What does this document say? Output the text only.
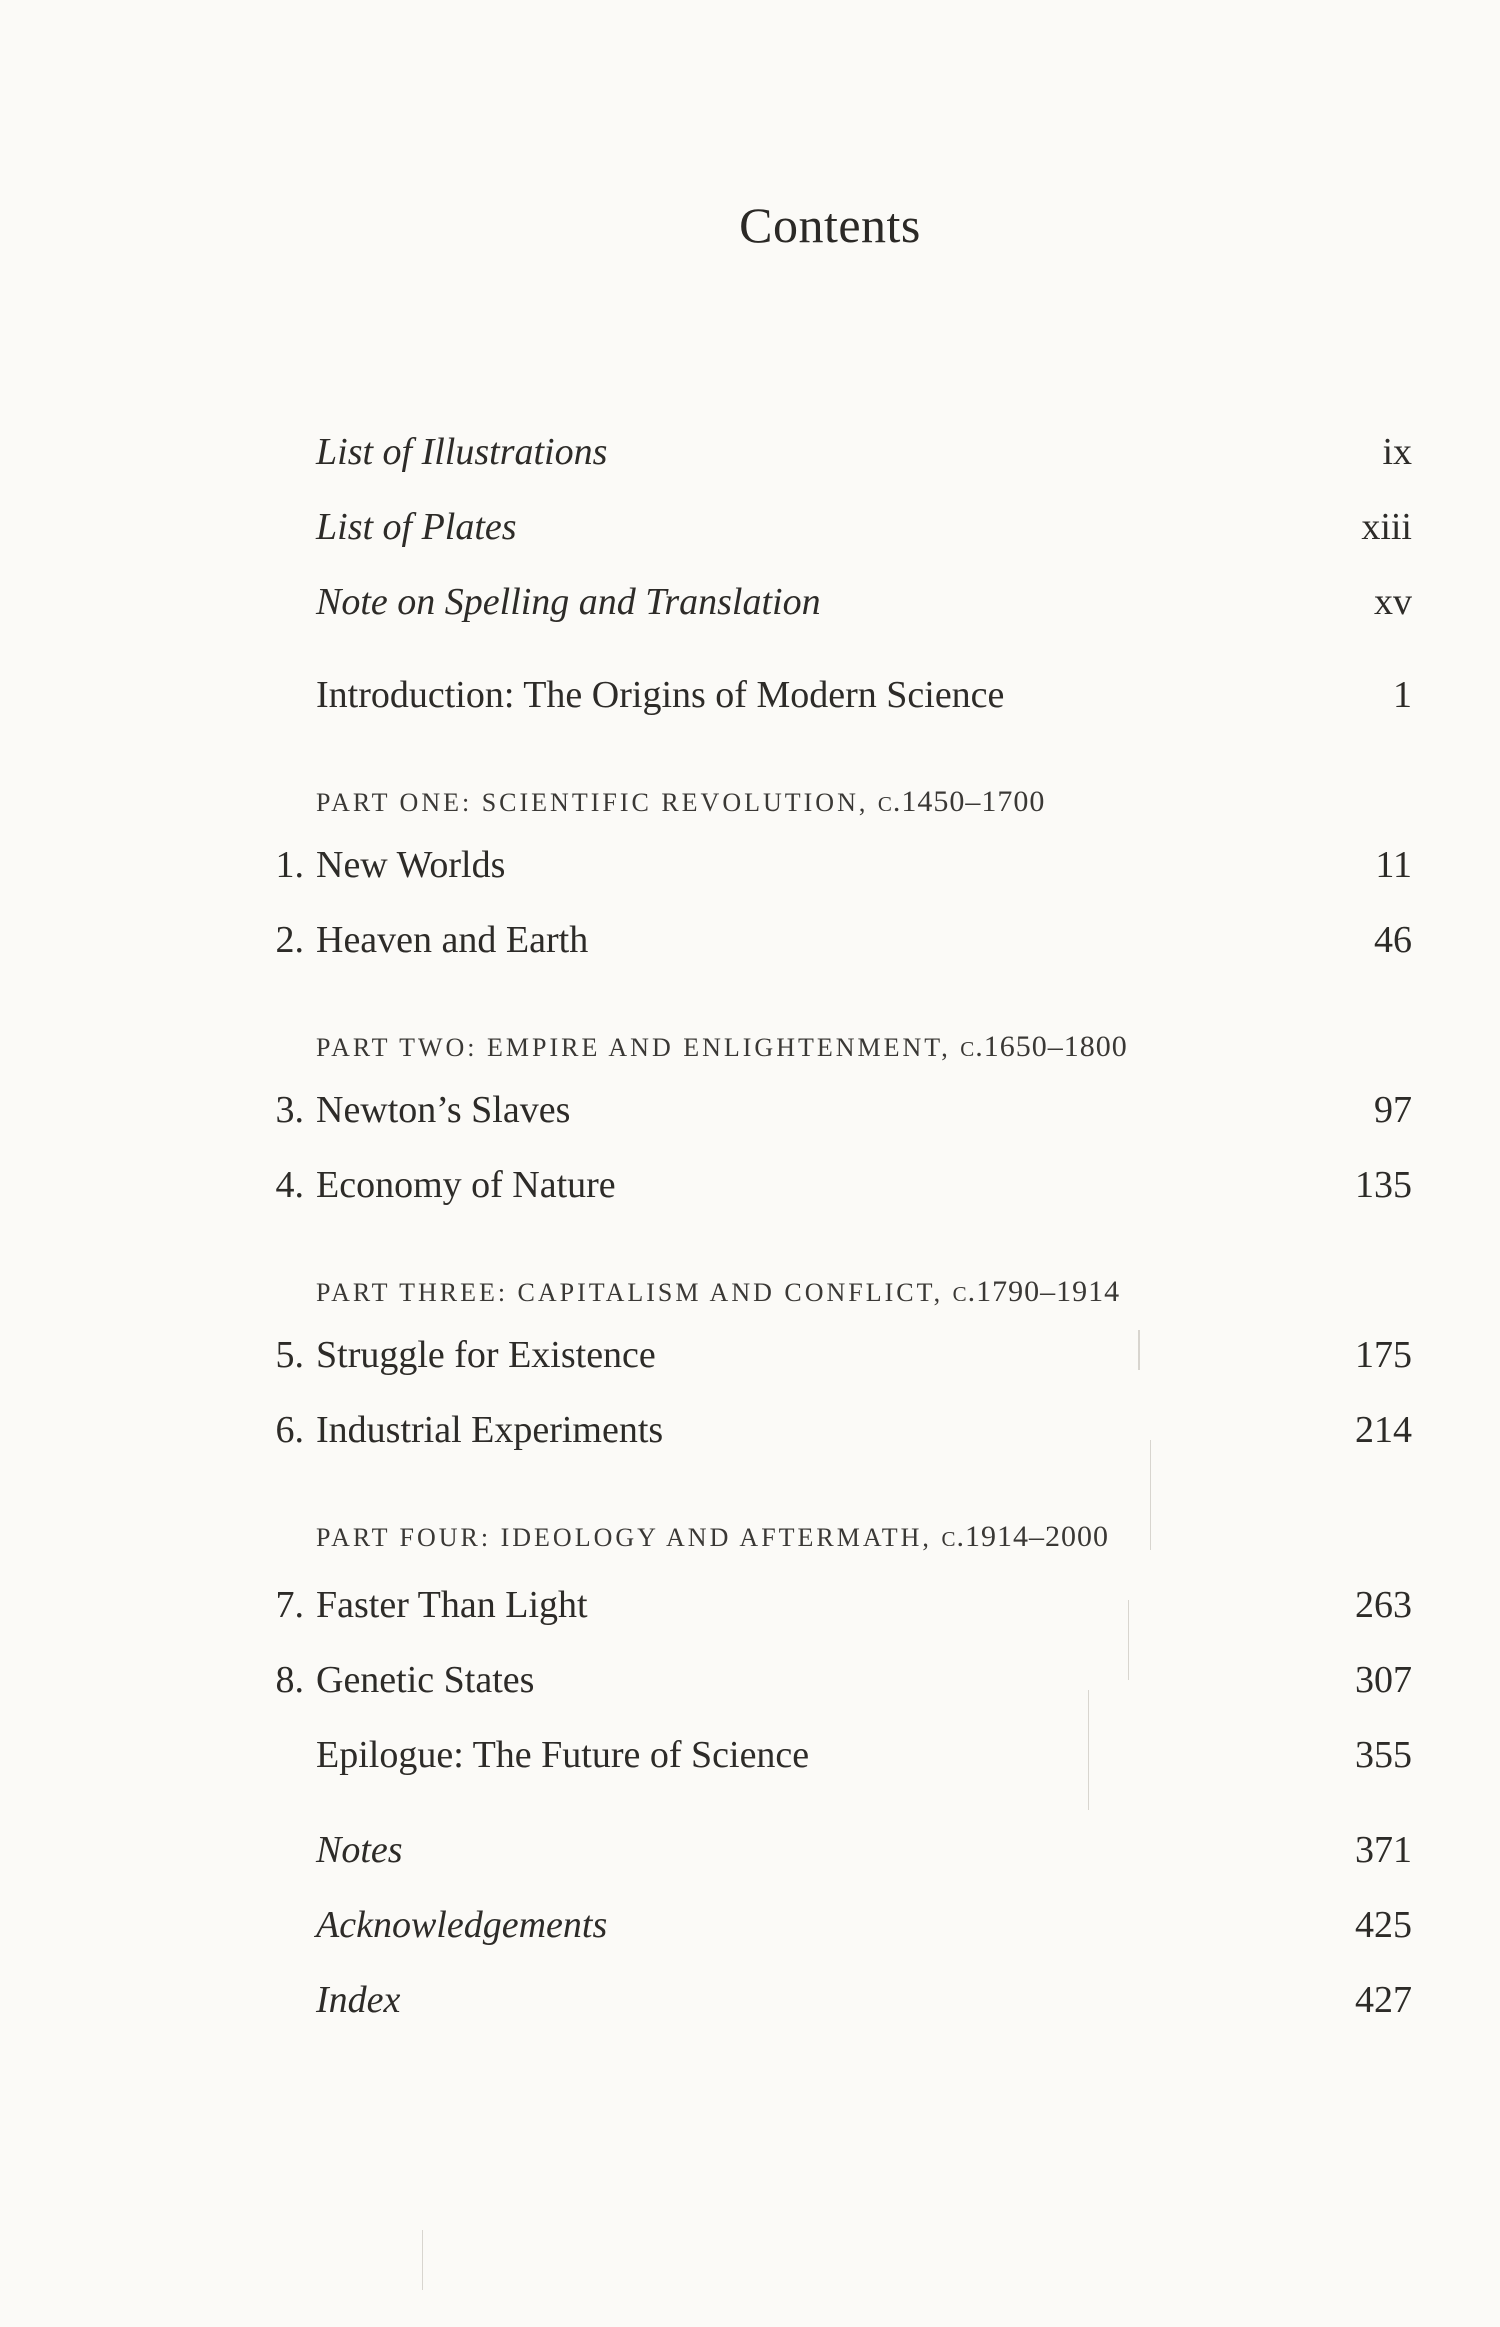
Contents
List of Illustrations	ix
List of Plates	xiii
Note on Spelling and Translation	xv
Introduction: The Origins of Modern Science	1
PART ONE: SCIENTIFIC REVOLUTION, c.1450–1700
1. New Worlds	11
2. Heaven and Earth	46
PART TWO: EMPIRE AND ENLIGHTENMENT, c.1650–1800
3. Newton’s Slaves	97
4. Economy of Nature	135
PART THREE: CAPITALISM AND CONFLICT, c.1790–1914
5. Struggle for Existence	175
6. Industrial Experiments	214
PART FOUR: IDEOLOGY AND AFTERMATH, c.1914–2000
7. Faster Than Light	263
8. Genetic States	307
Epilogue: The Future of Science	355
Notes	371
Acknowledgements	425
Index	427
